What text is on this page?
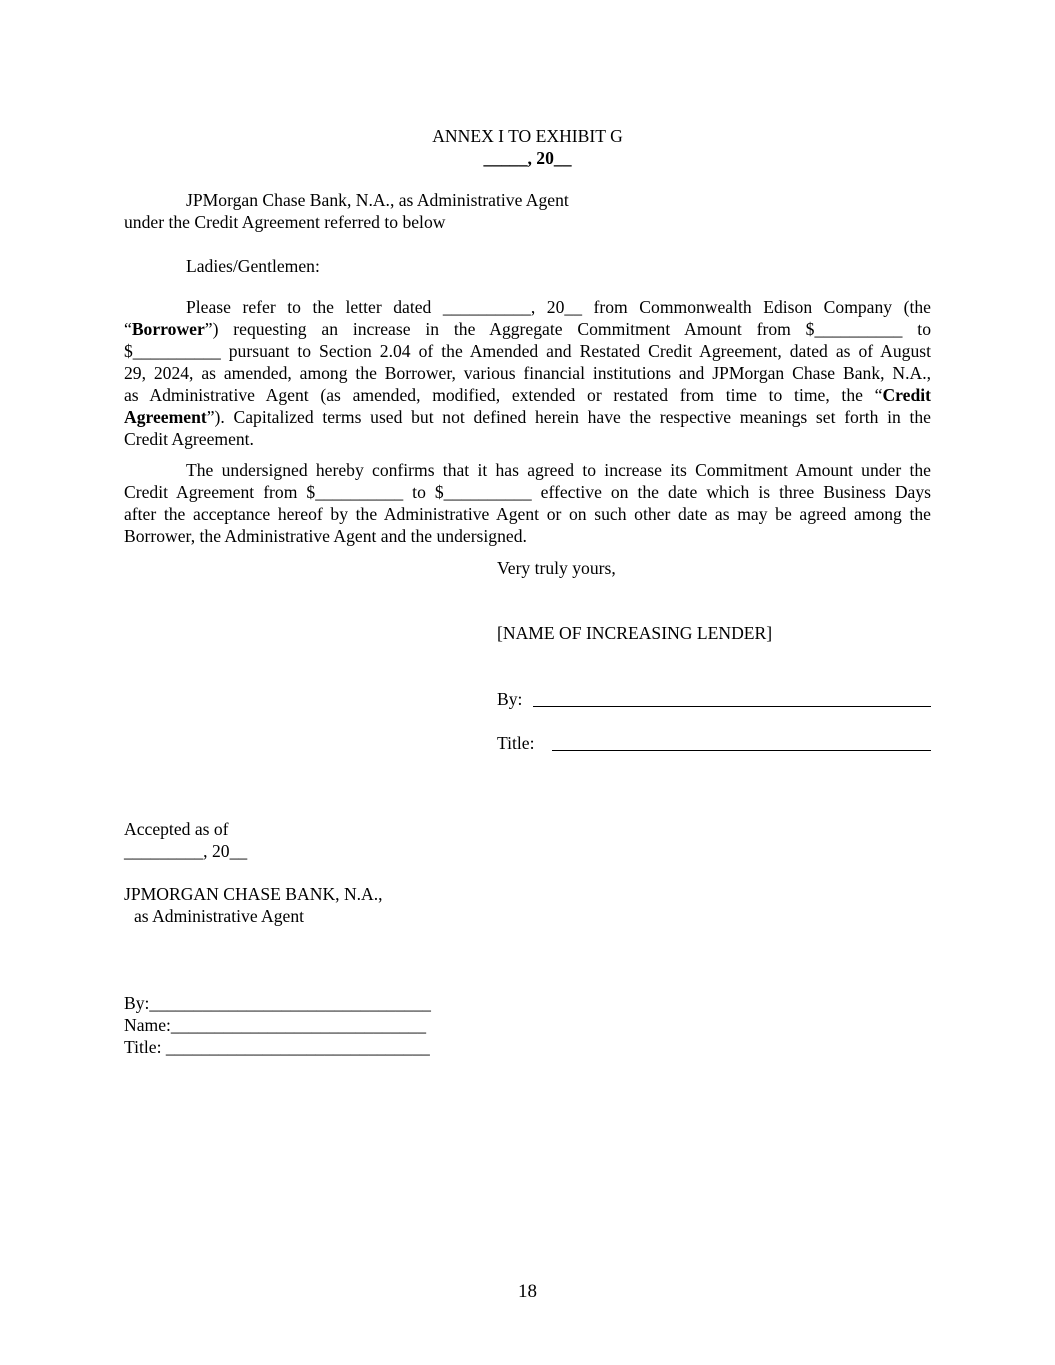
ANNEX I TO EXHIBIT G
_____, 20__
JPMorgan Chase Bank, N.A., as Administrative Agent
under the Credit Agreement referred to below
Ladies/Gentlemen:
Please refer to the letter dated __________, 20__ from Commonwealth Edison Company (the
“Borrower”) requesting an increase in the Aggregate Commitment Amount from $__________ to
$__________ pursuant to Section 2.04 of the Amended and Restated Credit Agreement, dated as of August
29, 2024, as amended, among the Borrower, various financial institutions and JPMorgan Chase Bank, N.A.,
as Administrative Agent (as amended, modified, extended or restated from time to time, the “Credit
Agreement”). Capitalized terms used but not defined herein have the respective meanings set forth in the
Credit Agreement.
The undersigned hereby confirms that it has agreed to increase its Commitment Amount under the
Credit Agreement from $__________ to $__________ effective on the date which is three Business Days
after the acceptance hereof by the Administrative Agent or on such other date as may be agreed among the
Borrower, the Administrative Agent and the undersigned.
Very truly yours,
[NAME OF INCREASING LENDER]
By:
Title:
Accepted as of
_________, 20__
JPMORGAN CHASE BANK, N.A.,
as Administrative Agent
By:________________________________
Name:_____________________________
Title: ______________________________
18
